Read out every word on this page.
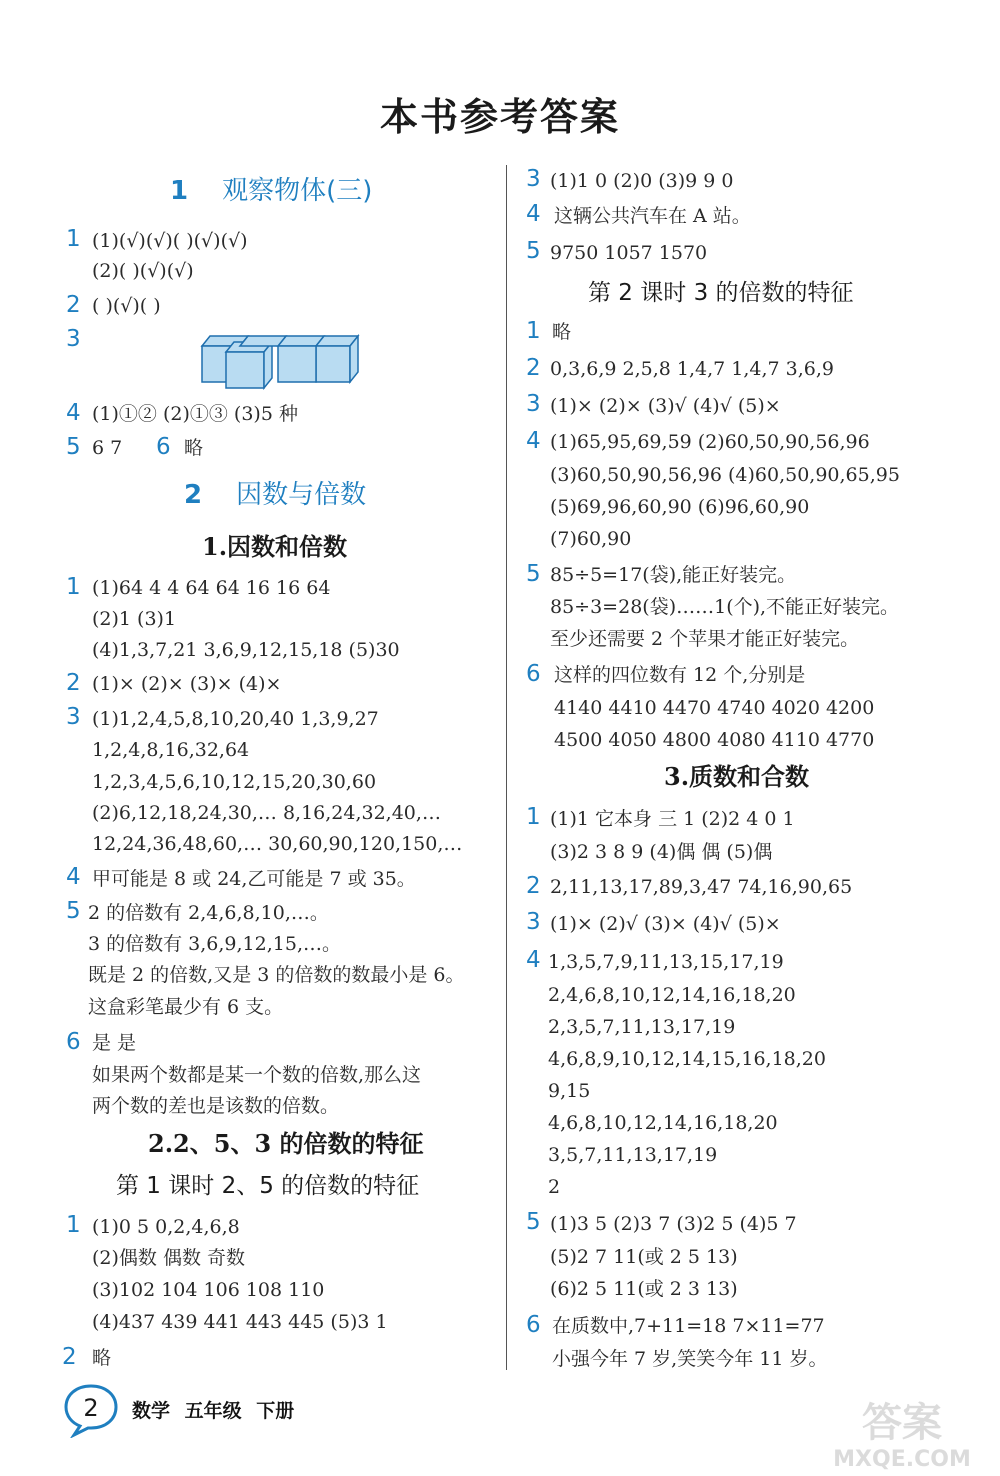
本书参考答案
1 观察物体(三)
1 (1)(√)(√)( )(√)(√)
(2)( )(√)(√)
2 ( )(√)( )
3
4 (1)①② (2)①③ (3)5 种
5 6 7 6 略
2 因数与倍数
1.因数和倍数
1 (1)64 4 4 64 64 16 16 64
(2)1 (3)1
(4)1,3,7,21 3,6,9,12,15,18 (5)30
2 (1)× (2)× (3)× (4)×
3 (1)1,2,4,5,8,10,20,40 1,3,9,27
1,2,4,8,16,32,64
1,2,3,4,5,6,10,12,15,20,30,60
(2)6,12,18,24,30,… 8,16,24,32,40,…
12,24,36,48,60,… 30,60,90,120,150,…
4 甲可能是 8 或 24,乙可能是 7 或 35。
5 2 的倍数有 2,4,6,8,10,…。
3 的倍数有 3,6,9,12,15,…。
既是 2 的倍数,又是 3 的倍数的数最小是 6。
这盒彩笔最少有 6 支。
6 是 是
如果两个数都是某一个数的倍数,那么这
两个数的差也是该数的倍数。
2.2、5、3 的倍数的特征
第 1 课时 2、5 的倍数的特征
1 (1)0 5 0,2,4,6,8
(2)偶数 偶数 奇数
(3)102 104 106 108 110
(4)437 439 441 443 445 (5)3 1
2 略
3 (1)1 0 (2)0 (3)9 9 0
4 这辆公共汽车在 A 站。
5 9750 1057 1570
第 2 课时 3 的倍数的特征
1 略
2 0,3,6,9 2,5,8 1,4,7 1,4,7 3,6,9
3 (1)× (2)× (3)√ (4)√ (5)×
4 (1)65,95,69,59 (2)60,50,90,56,96
(3)60,50,90,56,96 (4)60,50,90,65,95
(5)69,96,60,90 (6)96,60,90
(7)60,90
5 85÷5=17(袋),能正好装完。
85÷3=28(袋)……1(个),不能正好装完。
至少还需要 2 个苹果才能正好装完。
6 这样的四位数有 12 个,分别是
4140 4410 4470 4740 4020 4200
4500 4050 4800 4080 4110 4770
3.质数和合数
1 (1)1 它本身 三 1 (2)2 4 0 1
(3)2 3 8 9 (4)偶 偶 (5)偶
2 2,11,13,17,89,3,47 74,16,90,65
3 (1)× (2)√ (3)× (4)√ (5)×
4 1,3,5,7,9,11,13,15,17,19
2,4,6,8,10,12,14,16,18,20
2,3,5,7,11,13,17,19
4,6,8,9,10,12,14,15,16,18,20
9,15
4,6,8,10,12,14,16,18,20
3,5,7,11,13,17,19
2
5 (1)3 5 (2)3 7 (3)2 5 (4)5 7
(5)2 7 11(或 2 5 13)
(6)2 5 11(或 2 3 13)
6 在质数中,7+11=18 7×11=77
小强今年 7 岁,笑笑今年 11 岁。
2 数学 五年级 下册	答案
MXQE.COM
